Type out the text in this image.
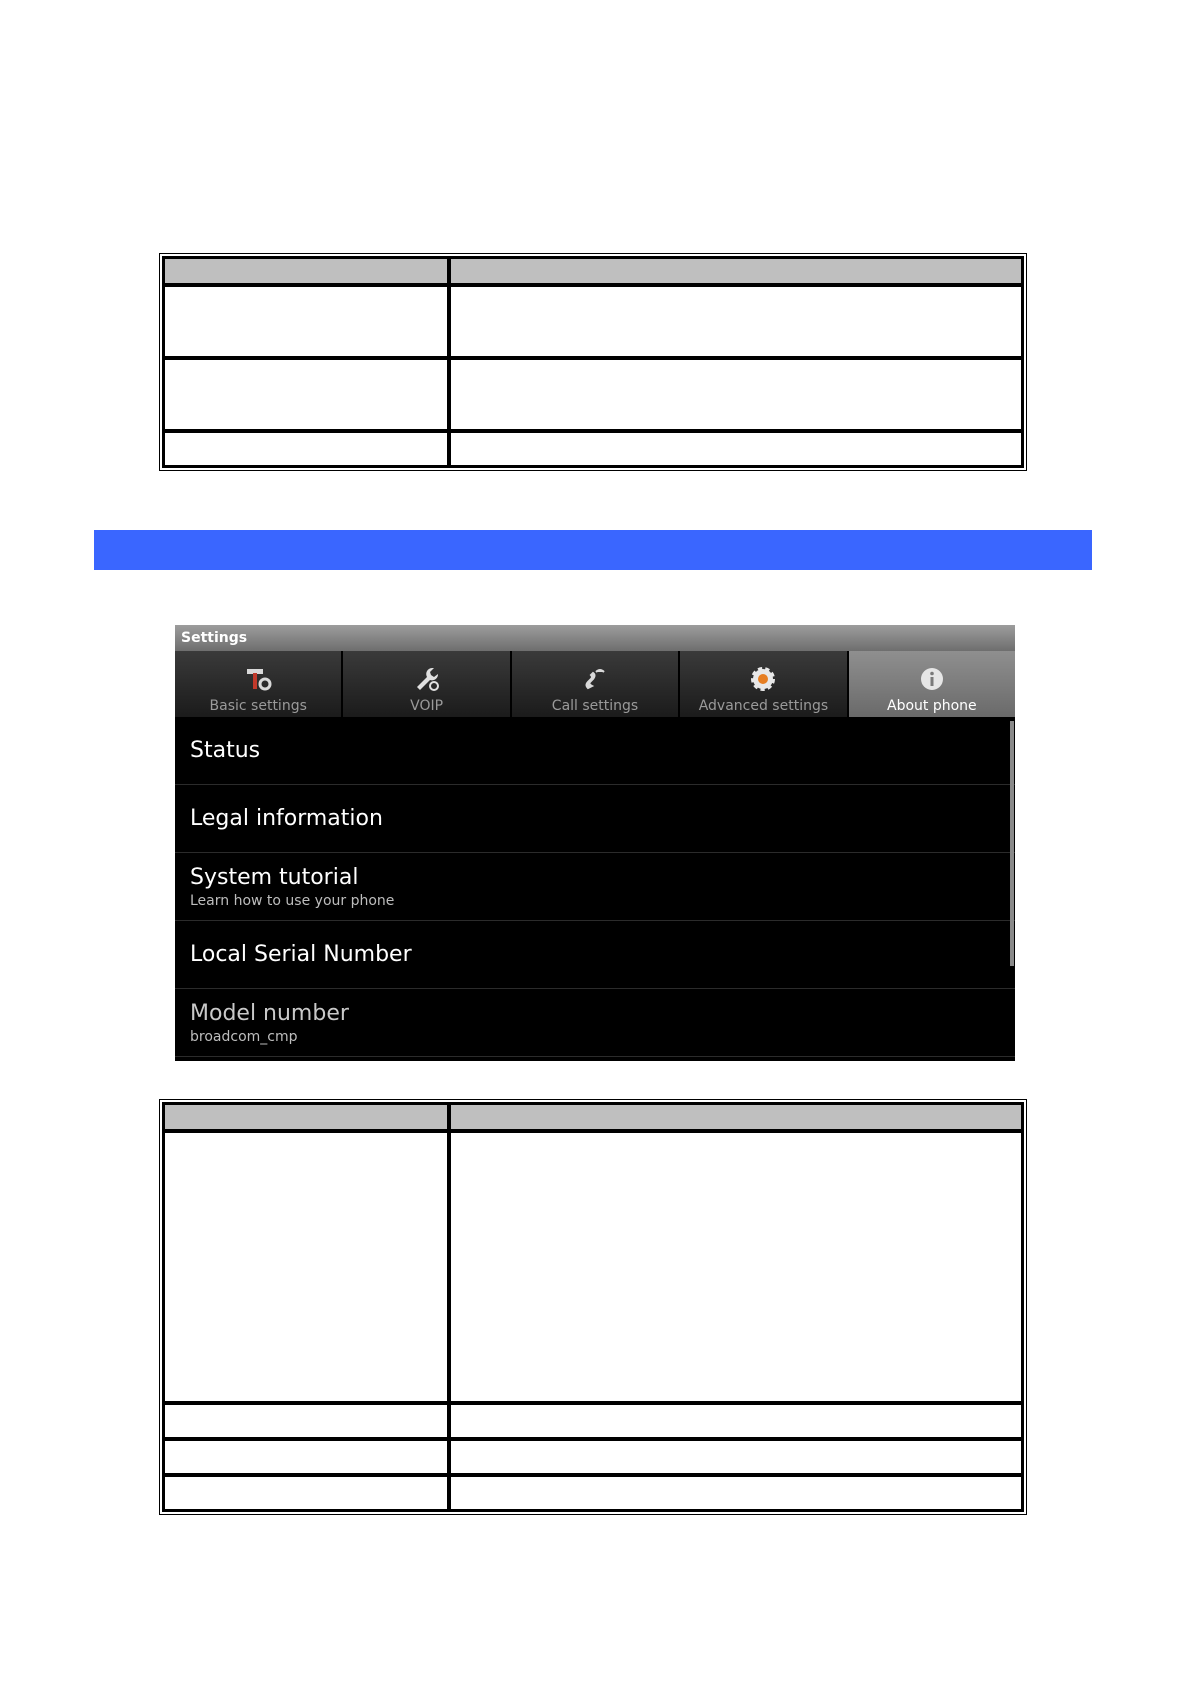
Settings
Basic settings	VOIP	Call settings	Advanced settings	About phone
Status
Legal information
System tutorial
Learn how to use your phone
Local Serial Number
Model number
broadcom_cmp
